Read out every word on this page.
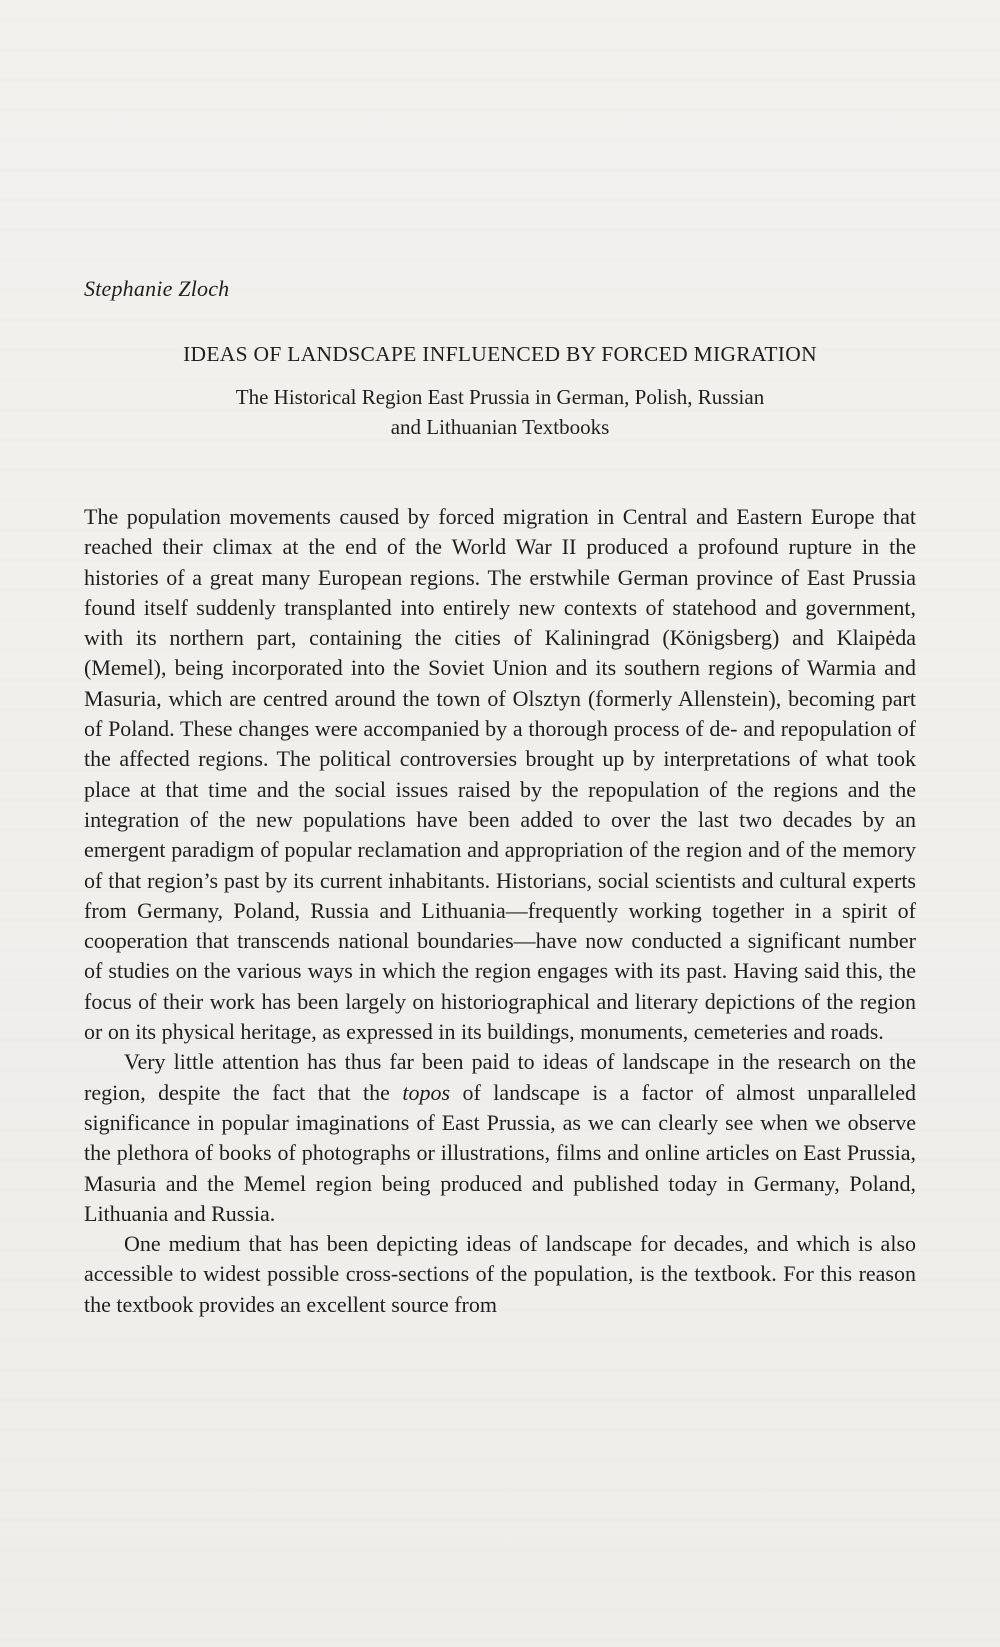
Stephanie Zloch
IDEAS OF LANDSCAPE INFLUENCED BY FORCED MIGRATION
The Historical Region East Prussia in German, Polish, Russian
and Lithuanian Textbooks

The population movements caused by forced migration in Central and Eastern Europe that reached their climax at the end of the World War II produced a profound rupture in the histories of a great many European regions. The erstwhile German province of East Prussia found itself suddenly transplanted into entirely new contexts of statehood and government, with its northern part, containing the cities of Kaliningrad (Königsberg) and Klaipėda (Memel), being incorporated into the Soviet Union and its southern regions of Warmia and Masuria, which are centred around the town of Olsztyn (formerly Allenstein), becoming part of Poland. These changes were accompanied by a thorough process of de- and repopulation of the affected regions. The political controversies brought up by interpretations of what took place at that time and the social issues raised by the repopulation of the regions and the integration of the new populations have been added to over the last two decades by an emergent paradigm of popular reclamation and appropriation of the region and of the memory of that region’s past by its current inhabitants. Historians, social scientists and cultural experts from Germany, Poland, Russia and Lithuania—frequently working together in a spirit of cooperation that transcends national boundaries—have now conducted a significant number of studies on the various ways in which the region engages with its past. Having said this, the focus of their work has been largely on historiographical and literary depictions of the region or on its physical heritage, as expressed in its buildings, monuments, cemeteries and roads.

Very little attention has thus far been paid to ideas of landscape in the research on the region, despite the fact that the topos of landscape is a factor of almost unparalleled significance in popular imaginations of East Prussia, as we can clearly see when we observe the plethora of books of photographs or illustrations, films and online articles on East Prussia, Masuria and the Memel region being produced and published today in Germany, Poland, Lithuania and Russia.

One medium that has been depicting ideas of landscape for decades, and which is also accessible to widest possible cross-sections of the population, is the textbook. For this reason the textbook provides an excellent source from
